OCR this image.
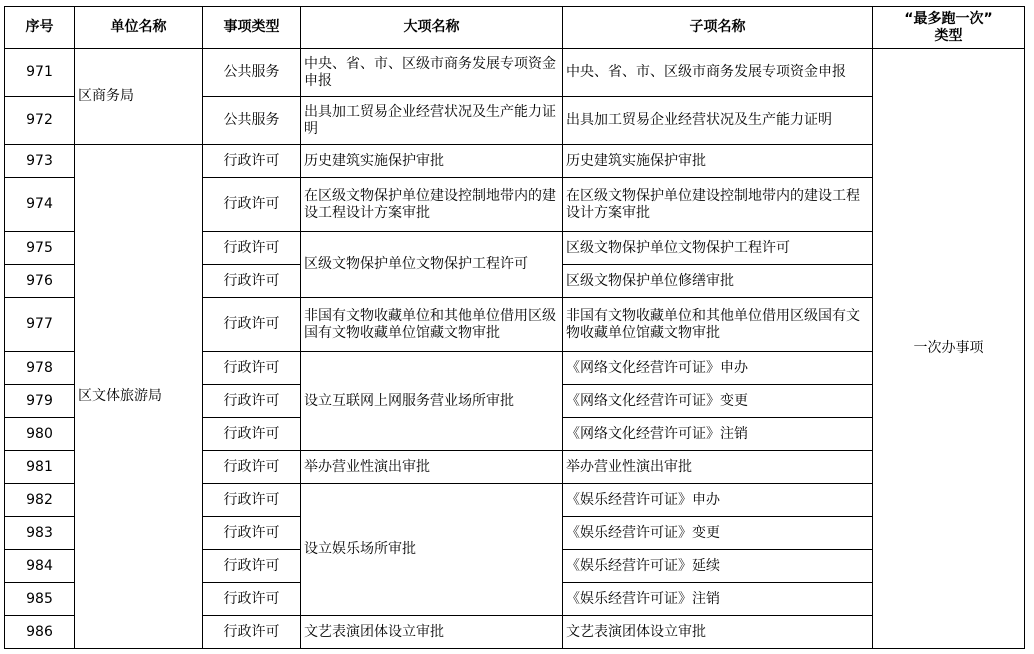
序号	单位名称	事项类型	大项名称	子项名称	“最多跑一次”
类型

971	区商务局	公共服务	中央、省、市、区级市商务发展专项资金申报	中央、省、市、区级市商务发展专项资金申报	一次办事项
972		公共服务	出具加工贸易企业经营状况及生产能力证明	出具加工贸易企业经营状况及生产能力证明	
973	区文体旅游局	行政许可	历史建筑实施保护审批	历史建筑实施保护审批	
974		行政许可	在区级文物保护单位建设控制地带内的建设工程设计方案审批	在区级文物保护单位建设控制地带内的建设工程设计方案审批	
975		行政许可	区级文物保护单位文物保护工程许可	区级文物保护单位文物保护工程许可	
976		行政许可		区级文物保护单位修缮审批	
977		行政许可	非国有文物收藏单位和其他单位借用区级国有文物收藏单位馆藏文物审批	非国有文物收藏单位和其他单位借用区级国有文物收藏单位馆藏文物审批	
978		行政许可	设立互联网上网服务营业场所审批	《网络文化经营许可证》申办	
979		行政许可		《网络文化经营许可证》变更	
980		行政许可		《网络文化经营许可证》注销	
981		行政许可	举办营业性演出审批	举办营业性演出审批	
982		行政许可	设立娱乐场所审批	《娱乐经营许可证》申办	
983		行政许可		《娱乐经营许可证》变更	
984		行政许可		《娱乐经营许可证》延续	
985		行政许可		《娱乐经营许可证》注销	
986		行政许可	文艺表演团体设立审批	文艺表演团体设立审批	
